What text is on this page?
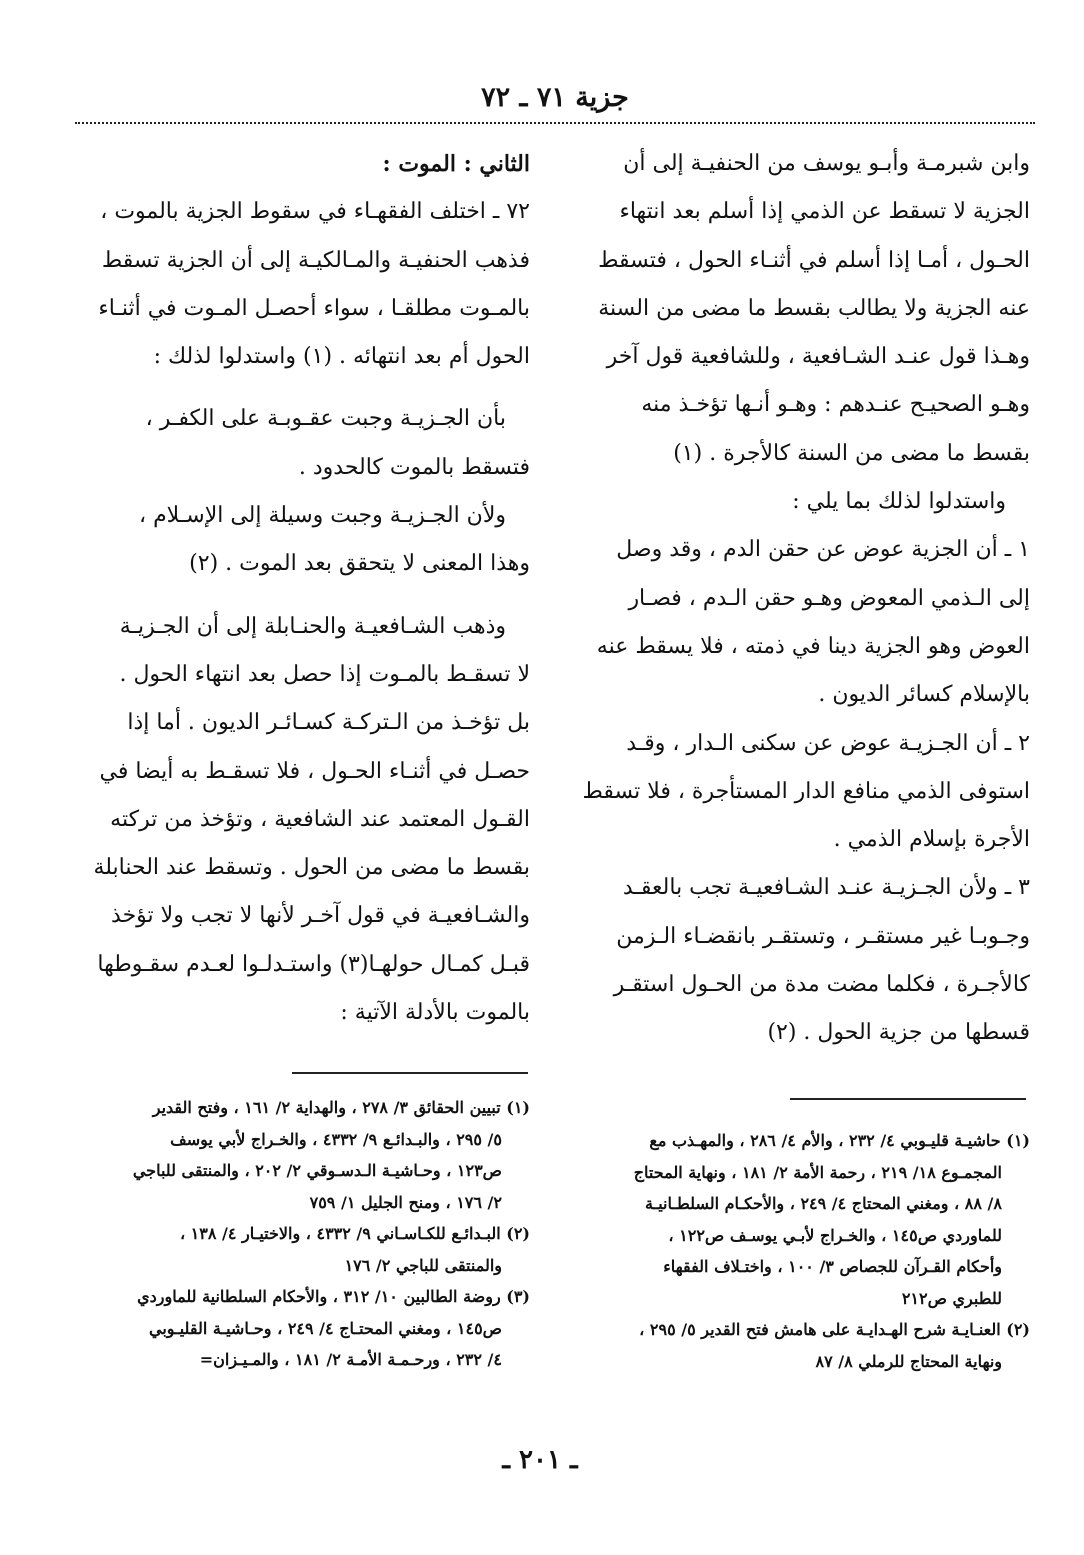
جزية ٧١ ـ ٧٢
وابن شبرمـة وأبـو يوسف من الحنفيـة إلى أن
الجزية لا تسقط عن الذمي إذا أسلم بعد انتهاء
الحـول ، أمـا إذا أسلم في أثنـاء الحول ، فتسقط
عنه الجزية ولا يطالب بقسط ما مضى من السنة
وهـذا قول عنـد الشـافعية ، وللشافعية قول آخر
وهـو الصحيـح عنـدهم : وهـو أنـها تؤخـذ منه
بقسط ما مضى من السنة كالأجرة . (١)
واستدلوا لذلك بما يلي :
١ ـ أن الجزية عوض عن حقن الدم ، وقد وصل
إلى الـذمي المعوض وهـو حقن الـدم ، فصـار
العوض وهو الجزية دينا في ذمته ، فلا يسقط عنه
بالإسلام كسائر الديون .
٢ ـ أن الجـزيـة عوض عن سكنى الـدار ، وقـد
استوفى الذمي منافع الدار المستأجرة ، فلا تسقط
الأجرة بإسلام الذمي .
٣ ـ ولأن الجـزيـة عنـد الشـافعيـة تجب بالعقـد
وجـوبـا غير مستقـر ، وتستقـر بانقضـاء الـزمن
كالأجـرة ، فكلما مضت مدة من الحـول استقـر
قسطها من جزية الحول . (٢)
الثاني : الموت :
٧٢ ـ اختلف الفقهـاء في سقوط الجزية بالموت ،
فذهب الحنفيـة والمـالكيـة إلى أن الجزية تسقط
بالمـوت مطلقـا ، سواء أحصـل المـوت في أثنـاء
الحول أم بعد انتهائه . (١) واستدلوا لذلك :
بأن الجـزيـة وجبت عقـوبـة على الكفـر ،
فتسقط بالموت كالحدود .
ولأن الجـزيـة وجبت وسيلة إلى الإسـلام ،
وهذا المعنى لا يتحقق بعد الموت . (٢)
وذهب الشـافعيـة والحنـابلة إلى أن الجـزيـة
لا تسقـط بالمـوت إذا حصل بعد انتهاء الحول .
بل تؤخـذ من الـتركـة كسـائـر الديون . أما إذا
حصـل في أثنـاء الحـول ، فلا تسقـط به أيضا في
القـول المعتمد عند الشافعية ، وتؤخذ من تركته
بقسط ما مضى من الحول . وتسقط عند الحنابلة
والشـافعيـة في قول آخـر لأنها لا تجب ولا تؤخذ
قبـل كمـال حولهـا(٣) واستـدلـوا لعـدم سقـوطها
بالموت بالأدلة الآتية :
(١) حاشيـة قليـوبي ٤/ ٢٣٢ ، والأم ٤/ ٢٨٦ ، والمهـذب مع
المجمـوع ١٨/ ٢١٩ ، رحمة الأمة ٢/ ١٨١ ، ونهاية المحتاج
٨/ ٨٨ ، ومغني المحتاج ٤/ ٢٤٩ ، والأحكـام السلطـانيـة
للماوردي ص١٤٥ ، والخـراج لأبـي يوسـف ص١٢٢ ،
وأحكام القـرآن للجصاص ٣/ ١٠٠ ، واختـلاف الفقهاء
للطبري ص٢١٢
(٢) العنـايـة شرح الهـدايـة على هامش فتح القدير ٥/ ٢٩٥ ،
ونهاية المحتاج للرملي ٨/ ٨٧
(١) تبيين الحقائق ٣/ ٢٧٨ ، والهداية ٢/ ١٦١ ، وفتح القدير
٥/ ٢٩٥ ، والبـدائـع ٩/ ٤٣٣٢ ، والخـراج لأبي يوسف
ص١٢٣ ، وحـاشيـة الـدسـوقي ٢/ ٢٠٢ ، والمنتقى للباجي
٢/ ١٧٦ ، ومنح الجليل ١/ ٧٥٩
(٢) البـدائـع للكـاسـاني ٩/ ٤٣٣٢ ، والاختيـار ٤/ ١٣٨ ،
والمنتقى للباجي ٢/ ١٧٦
(٣) روضة الطالبين ١٠/ ٣١٢ ، والأحكام السلطانية للماوردي
ص١٤٥ ، ومغني المحتـاج ٤/ ٢٤٩ ، وحـاشيـة القليـوبي
٤/ ٢٣٢ ، ورحـمـة الأمـة ٢/ ١٨١ ، والمـيـزان=
ـ ٢٠١ ـ
